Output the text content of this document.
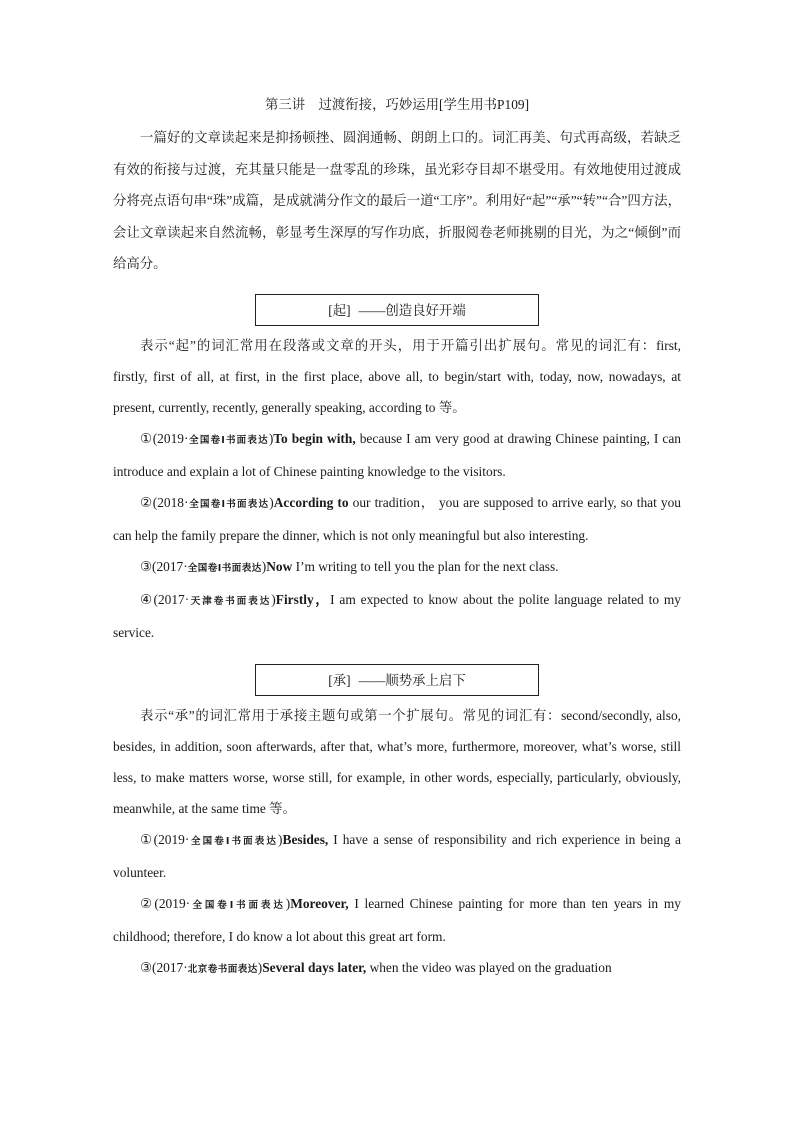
第三讲　过渡衔接，巧妙运用[学生用书P109]

一篇好的文章读起来是抑扬顿挫、圆润通畅、朗朗上口的。词汇再美、句式再高级，若缺乏有效的衔接与过渡，充其量只能是一盘零乱的珍珠，虽光彩夺目却不堪受用。有效地使用过渡成分将亮点语句串“珠”成篇，是成就满分作文的最后一道“工序”。利用好“起”“承”“转”“合”四方法，会让文章读起来自然流畅，彰显考生深厚的写作功底，折服阅卷老师挑剔的目光，为之“倾倒”而给高分。

[起] ——创造良好开端

表示“起”的词汇常用在段落或文章的开头，用于开篇引出扩展句。常见的词汇有：first, firstly, first of all, at first, in the first place, above all, to begin/start with, today, now, nowadays, at present, currently, recently, generally speaking, according to 等。

①(2019·全国卷Ⅰ书面表达)To begin with, because I am very good at drawing Chinese painting, I can introduce and explain a lot of Chinese painting knowledge to the visitors.

②(2018·全国卷Ⅰ书面表达)According to our tradition， you are supposed to arrive early, so that you can help the family prepare the dinner, which is not only meaningful but also interesting.

③(2017·全国卷Ⅰ书面表达)Now I’m writing to tell you the plan for the next class.

④(2017·天津卷书面表达)Firstly，I am expected to know about the polite language related to my service.

[承] ——顺势承上启下

表示“承”的词汇常用于承接主题句或第一个扩展句。常见的词汇有：second/secondly, also, besides, in addition, soon afterwards, after that, what’s more, furthermore, moreover, what’s worse, still less, to make matters worse, worse still, for example, in other words, especially, particularly, obviously, meanwhile, at the same time 等。

①(2019·全国卷Ⅰ书面表达)Besides, I have a sense of responsibility and rich experience in being a volunteer.

②(2019·全国卷Ⅰ书面表达)Moreover, I learned Chinese painting for more than ten years in my childhood; therefore, I do know a lot about this great art form.

③(2017·北京卷书面表达)Several days later, when the video was played on the graduation
